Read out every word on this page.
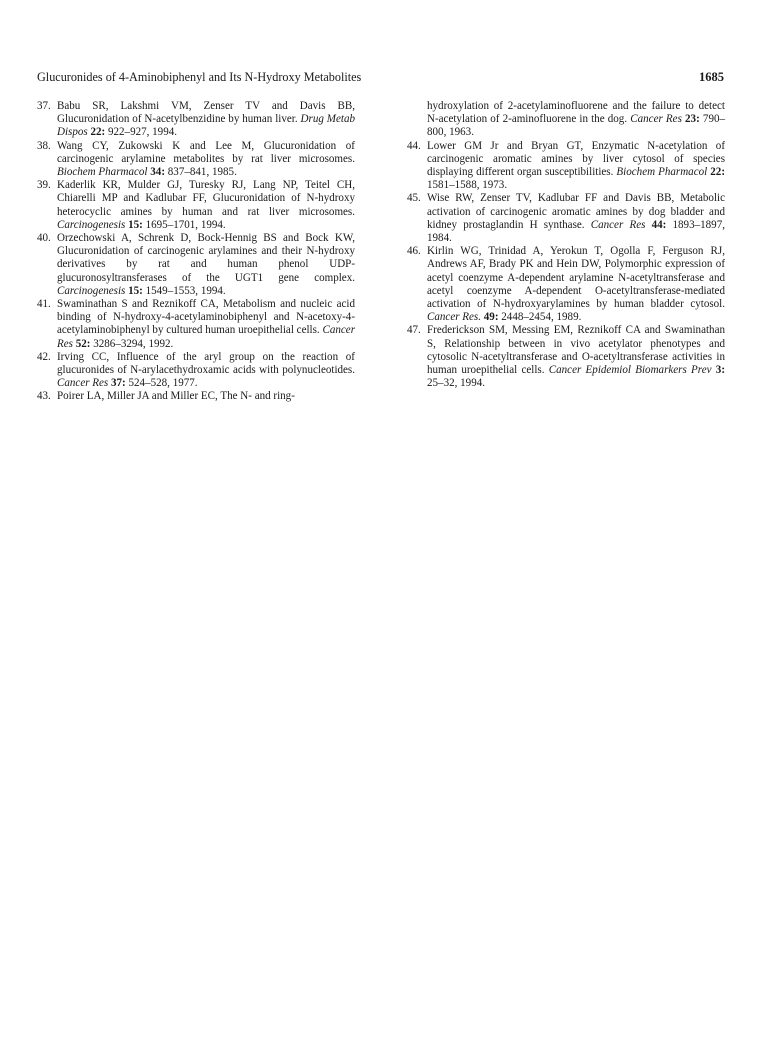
Glucuronides of 4-Aminobiphenyl and Its N-Hydroxy Metabolites	1685
37. Babu SR, Lakshmi VM, Zenser TV and Davis BB, Glucuronidation of N-acetylbenzidine by human liver. Drug Metab Dispos 22: 922–927, 1994.
38. Wang CY, Zukowski K and Lee M, Glucuronidation of carcinogenic arylamine metabolites by rat liver microsomes. Biochem Pharmacol 34: 837–841, 1985.
39. Kaderlik KR, Mulder GJ, Turesky RJ, Lang NP, Teitel CH, Chiarelli MP and Kadlubar FF, Glucuronidation of N-hydroxy heterocyclic amines by human and rat liver microsomes. Carcinogenesis 15: 1695–1701, 1994.
40. Orzechowski A, Schrenk D, Bock-Hennig BS and Bock KW, Glucuronidation of carcinogenic arylamines and their N-hydroxy derivatives by rat and human phenol UDP-glucuronosyltransferases of the UGT1 gene complex. Carcinogenesis 15: 1549–1553, 1994.
41. Swaminathan S and Reznikoff CA, Metabolism and nucleic acid binding of N-hydroxy-4-acetylaminobiphenyl and N-acetoxy-4-acetylaminobiphenyl by cultured human uroepithelial cells. Cancer Res 52: 3286–3294, 1992.
42. Irving CC, Influence of the aryl group on the reaction of glucuronides of N-arylacethydroxamic acids with polynucleotides. Cancer Res 37: 524–528, 1977.
43. Poirer LA, Miller JA and Miller EC, The N- and ring-
hydroxylation of 2-acetylaminofluorene and the failure to detect N-acetylation of 2-aminofluorene in the dog. Cancer Res 23: 790–800, 1963.
44. Lower GM Jr and Bryan GT, Enzymatic N-acetylation of carcinogenic aromatic amines by liver cytosol of species displaying different organ susceptibilities. Biochem Pharmacol 22: 1581–1588, 1973.
45. Wise RW, Zenser TV, Kadlubar FF and Davis BB, Metabolic activation of carcinogenic aromatic amines by dog bladder and kidney prostaglandin H synthase. Cancer Res 44: 1893–1897, 1984.
46. Kirlin WG, Trinidad A, Yerokun T, Ogolla F, Ferguson RJ, Andrews AF, Brady PK and Hein DW, Polymorphic expression of acetyl coenzyme A-dependent arylamine N-acetyltransferase and acetyl coenzyme A-dependent O-acetyltransferase-mediated activation of N-hydroxyarylamines by human bladder cytosol. Cancer Res. 49: 2448–2454, 1989.
47. Frederickson SM, Messing EM, Reznikoff CA and Swaminathan S, Relationship between in vivo acetylator phenotypes and cytosolic N-acetyltransferase and O-acetyltransferase activities in human uroepithelial cells. Cancer Epidemiol Biomarkers Prev 3: 25–32, 1994.
